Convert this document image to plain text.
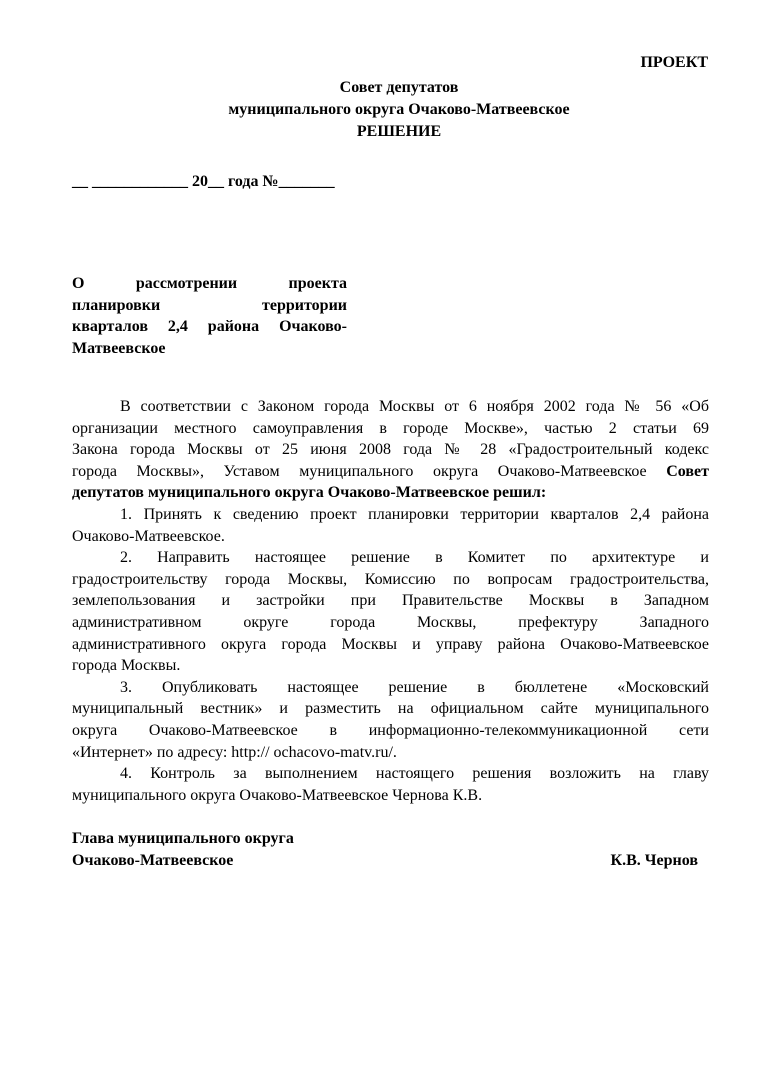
ПРОЕКТ
Совет депутатов
муниципального округа Очаково-Матвеевское
РЕШЕНИЕ
__ ____________ 20__ года №_______
О рассмотрении проекта
планировки территории
кварталов 2,4 района Очаково-
Матвеевское
В соответствии с Законом города Москвы от 6 ноября 2002 года № 56 «Об
организации местного самоуправления в городе Москве», частью 2 статьи 69
Закона города Москвы от 25 июня 2008 года № 28 «Градостроительный кодекс
города Москвы», Уставом муниципального округа Очаково-Матвеевское Совет
депутатов муниципального округа Очаково-Матвеевское решил:
1. Принять к сведению проект планировки территории кварталов 2,4 района
Очаково-Матвеевское.
2. Направить настоящее решение в Комитет по архитектуре и
градостроительству города Москвы, Комиссию по вопросам градостроительства,
землепользования и застройки при Правительстве Москвы в Западном
административном округе города Москвы, префектуру Западного
административного округа города Москвы и управу района Очаково-Матвеевское
города Москвы.
3. Опубликовать настоящее решение в бюллетене «Московский
муниципальный вестник» и разместить на официальном сайте муниципального
округа Очаково-Матвеевское в информационно-телекоммуникационной сети
«Интернет» по адресу: http:// ochacovo-matv.ru/.
4. Контроль за выполнением настоящего решения возложить на главу
муниципального округа Очаково-Матвеевское Чернова К.В.
Глава муниципального округа
Очаково-Матвеевское	К.В. Чернов
